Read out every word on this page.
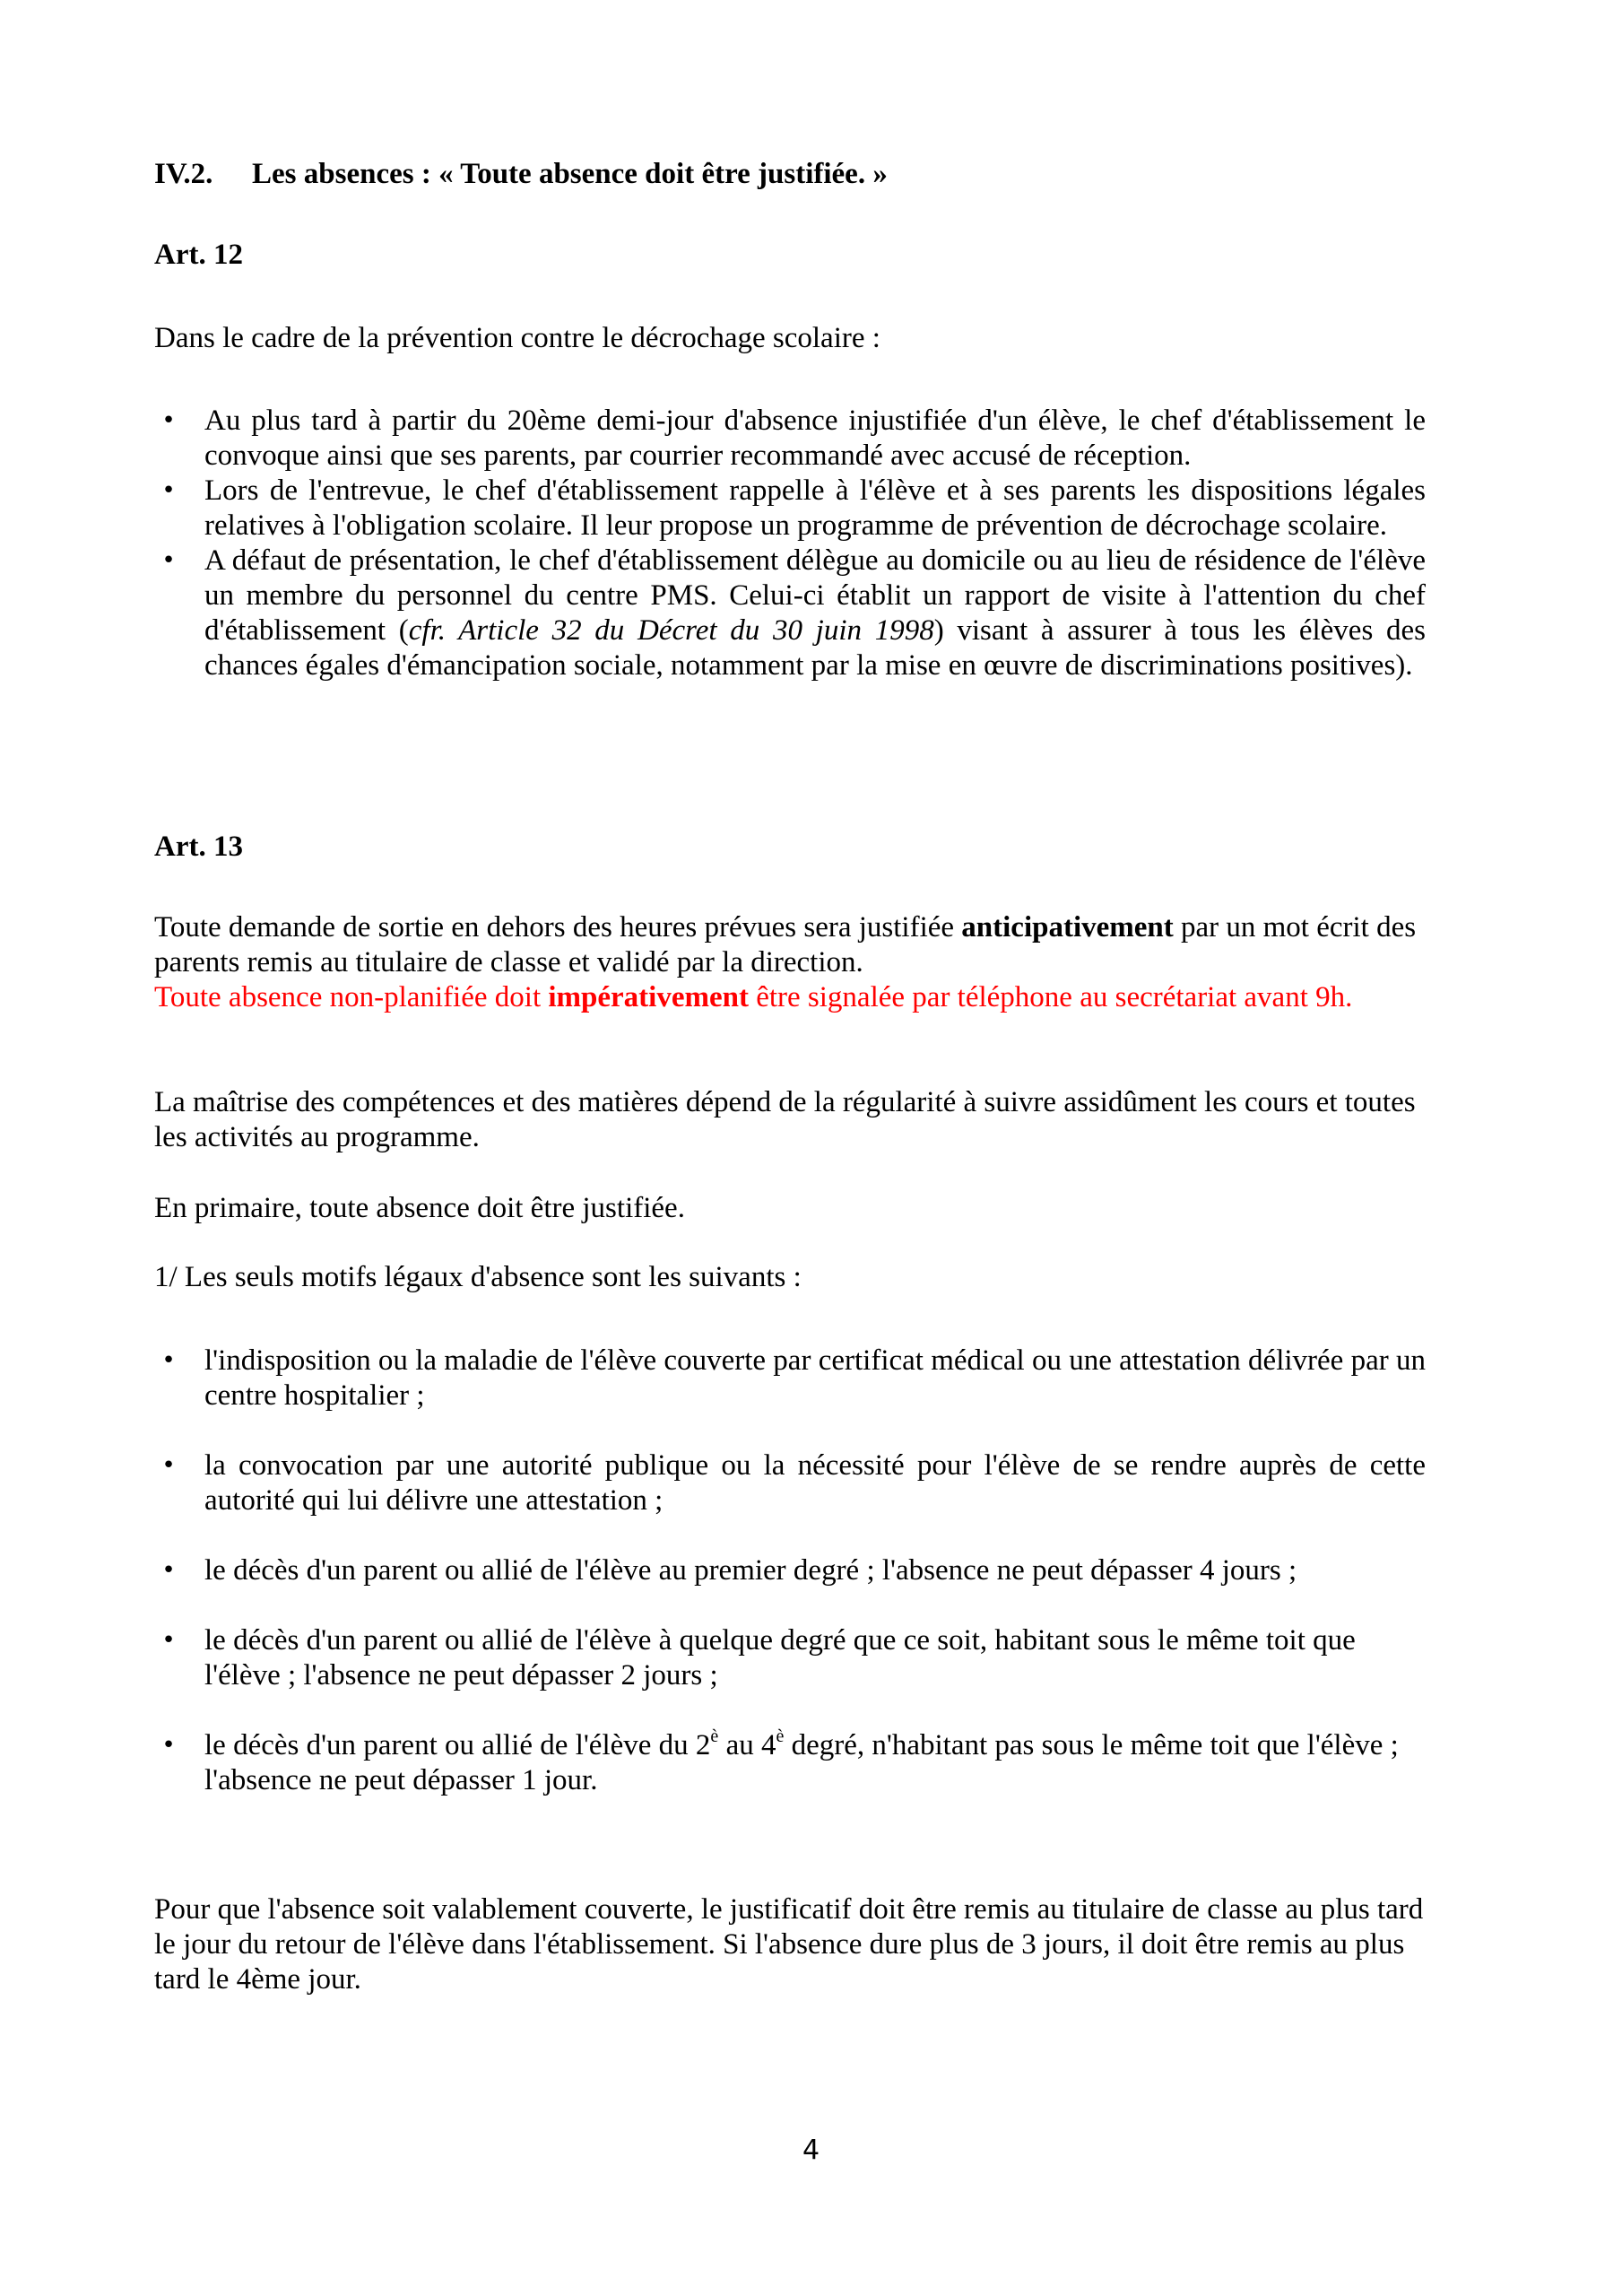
IV.2. Les absences : « Toute absence doit être justifiée. »

Art. 12

Dans le cadre de la prévention contre le décrochage scolaire :

• Au plus tard à partir du 20ème demi-jour d'absence injustifiée d'un élève, le chef d'établissement le convoque ainsi que ses parents, par courrier recommandé avec accusé de réception.
• Lors de l'entrevue, le chef d'établissement rappelle à l'élève et à ses parents les dispositions légales relatives à l'obligation scolaire. Il leur propose un programme de prévention de décrochage scolaire.
• A défaut de présentation, le chef d'établissement délègue au domicile ou au lieu de résidence de l'élève un membre du personnel du centre PMS. Celui-ci établit un rapport de visite à l'attention du chef d'établissement (cfr. Article 32 du Décret du 30 juin 1998) visant à assurer à tous les élèves des chances égales d'émancipation sociale, notamment par la mise en œuvre de discriminations positives).

Art. 13

Toute demande de sortie en dehors des heures prévues sera justifiée anticipativement par un mot écrit des parents remis au titulaire de classe et validé par la direction.
Toute absence non-planifiée doit impérativement être signalée par téléphone au secrétariat avant 9h.

La maîtrise des compétences et des matières dépend de la régularité à suivre assidûment les cours et toutes les activités au programme.

En primaire, toute absence doit être justifiée.

1/ Les seuls motifs légaux d'absence sont les suivants :

• l'indisposition ou la maladie de l'élève couverte par certificat médical ou une attestation délivrée par un centre hospitalier ;
• la convocation par une autorité publique ou la nécessité pour l'élève de se rendre auprès de cette autorité qui lui délivre une attestation ;
• le décès d'un parent ou allié de l'élève au premier degré ; l'absence ne peut dépasser 4 jours ;
• le décès d'un parent ou allié de l'élève à quelque degré que ce soit, habitant sous le même toit que l'élève ; l'absence ne peut dépasser 2 jours ;
• le décès d'un parent ou allié de l'élève du $2^è$ au $4^è$ degré, n'habitant pas sous le même toit que l'élève ; l'absence ne peut dépasser 1 jour.

Pour que l'absence soit valablement couverte, le justificatif doit être remis au titulaire de classe au plus tard le jour du retour de l'élève dans l'établissement. Si l'absence dure plus de 3 jours, il doit être remis au plus tard le 4ème jour.

4
